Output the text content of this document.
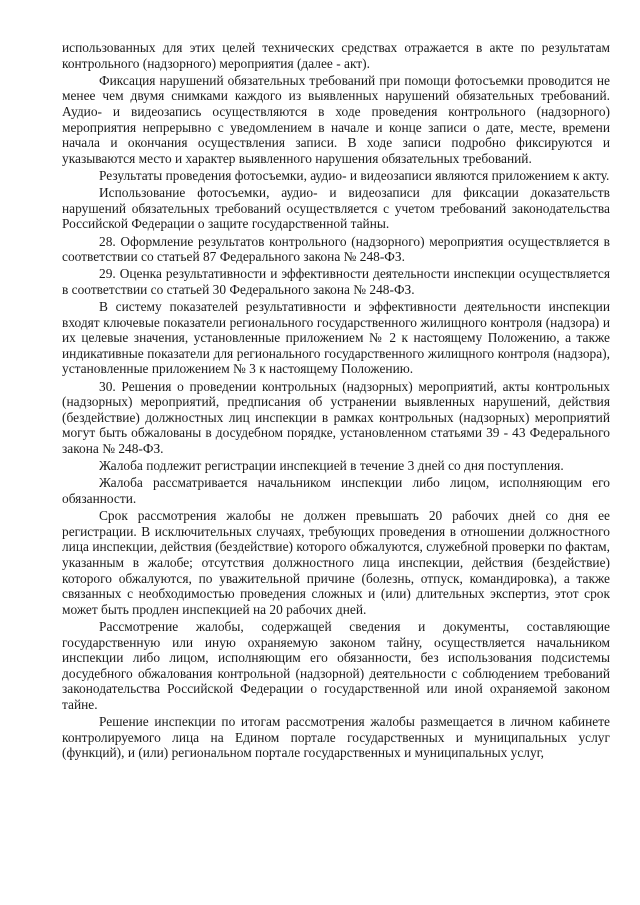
использованных для этих целей технических средствах отражается в акте по результатам контрольного (надзорного) мероприятия (далее - акт).

Фиксация нарушений обязательных требований при помощи фотосъемки проводится не менее чем двумя снимками каждого из выявленных нарушений обязательных требований. Аудио- и видеозапись осуществляются в ходе проведения контрольного (надзорного) мероприятия непрерывно с уведомлением в начале и конце записи о дате, месте, времени начала и окончания осуществления записи. В ходе записи подробно фиксируются и указываются место и характер выявленного нарушения обязательных требований.

Результаты проведения фотосъемки, аудио- и видеозаписи являются приложением к акту.

Использование фотосъемки, аудио- и видеозаписи для фиксации доказательств нарушений обязательных требований осуществляется с учетом требований законодательства Российской Федерации о защите государственной тайны.

28. Оформление результатов контрольного (надзорного) мероприятия осуществляется в соответствии со статьей 87 Федерального закона № 248-ФЗ.

29. Оценка результативности и эффективности деятельности инспекции осуществляется в соответствии со статьей 30 Федерального закона № 248-ФЗ.

В систему показателей результативности и эффективности деятельности инспекции входят ключевые показатели регионального государственного жилищного контроля (надзора) и их целевые значения, установленные приложением № 2 к настоящему Положению, а также индикативные показатели для регионального государственного жилищного контроля (надзора), установленные приложением № 3 к настоящему Положению.

30. Решения о проведении контрольных (надзорных) мероприятий, акты контрольных (надзорных) мероприятий, предписания об устранении выявленных нарушений, действия (бездействие) должностных лиц инспекции в рамках контрольных (надзорных) мероприятий могут быть обжалованы в досудебном порядке, установленном статьями 39 - 43 Федерального закона № 248-ФЗ.

Жалоба подлежит регистрации инспекцией в течение 3 дней со дня поступления.

Жалоба рассматривается начальником инспекции либо лицом, исполняющим его обязанности.

Срок рассмотрения жалобы не должен превышать 20 рабочих дней со дня ее регистрации. В исключительных случаях, требующих проведения в отношении должностного лица инспекции, действия (бездействие) которого обжалуются, служебной проверки по фактам, указанным в жалобе; отсутствия должностного лица инспекции, действия (бездействие) которого обжалуются, по уважительной причине (болезнь, отпуск, командировка), а также связанных с необходимостью проведения сложных и (или) длительных экспертиз, этот срок может быть продлен инспекцией на 20 рабочих дней.

Рассмотрение жалобы, содержащей сведения и документы, составляющие государственную или иную охраняемую законом тайну, осуществляется начальником инспекции либо лицом, исполняющим его обязанности, без использования подсистемы досудебного обжалования контрольной (надзорной) деятельности с соблюдением требований законодательства Российской Федерации о государственной или иной охраняемой законом тайне.

Решение инспекции по итогам рассмотрения жалобы размещается в личном кабинете контролируемого лица на Едином портале государственных и муниципальных услуг (функций), и (или) региональном портале государственных и муниципальных услуг,
